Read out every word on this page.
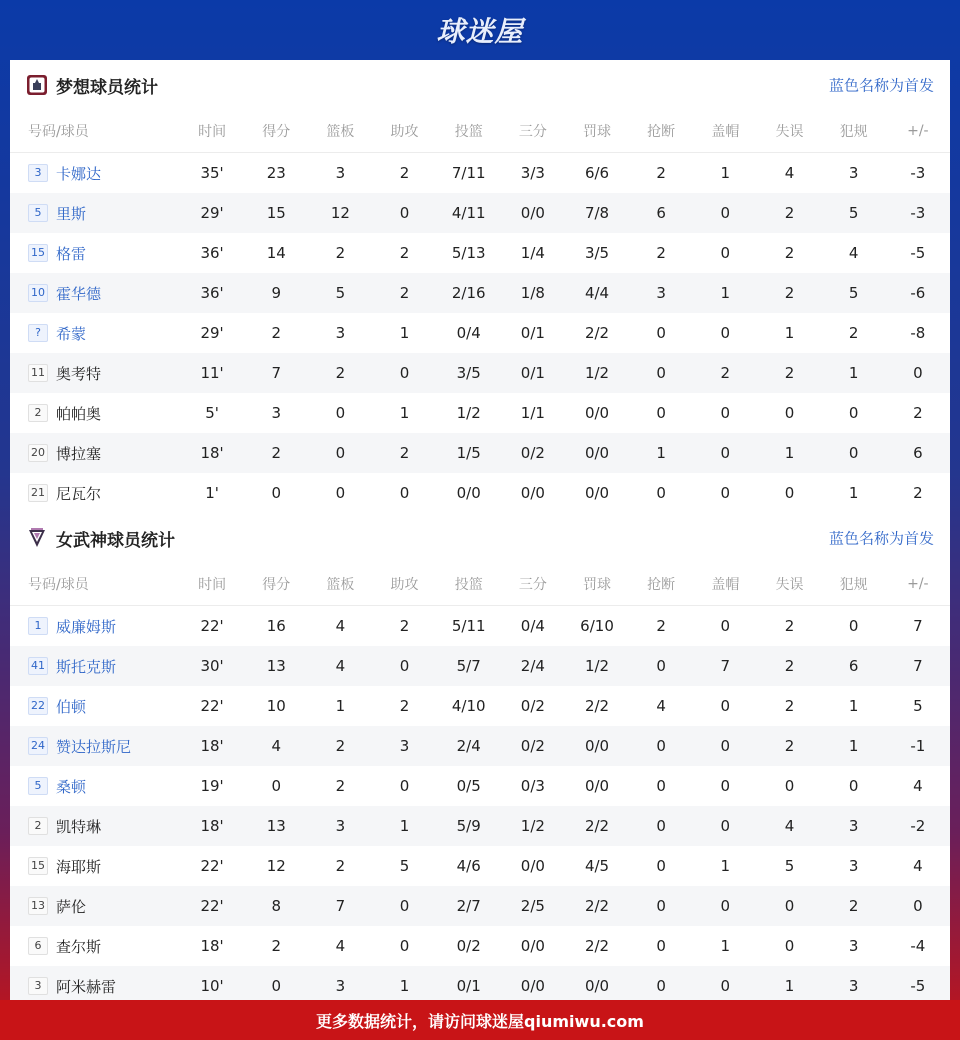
球迷屋
梦想球员统计	蓝色名称为首发
号码/球员	时间	得分	篮板	助攻	投篮	三分	罚球	抢断	盖帽	失误	犯规	+/-
3 卡娜达	35'	23	3	2	7/11	3/3	6/6	2	1	4	3	-3
5 里斯	29'	15	12	0	4/11	0/0	7/8	6	0	2	5	-3
15 格雷	36'	14	2	2	5/13	1/4	3/5	2	0	2	4	-5
10 霍华德	36'	9	5	2	2/16	1/8	4/4	3	1	2	5	-6
? 希蒙	29'	2	3	1	0/4	0/1	2/2	0	0	1	2	-8
11 奥考特	11'	7	2	0	3/5	0/1	1/2	0	2	2	1	0
2 帕帕奥	5'	3	0	1	1/2	1/1	0/0	0	0	0	0	2
20 博拉塞	18'	2	0	2	1/5	0/2	0/0	1	0	1	0	6
21 尼瓦尔	1'	0	0	0	0/0	0/0	0/0	0	0	0	1	2
女武神球员统计	蓝色名称为首发
号码/球员	时间	得分	篮板	助攻	投篮	三分	罚球	抢断	盖帽	失误	犯规	+/-
1 威廉姆斯	22'	16	4	2	5/11	0/4	6/10	2	0	2	0	7
41 斯托克斯	30'	13	4	0	5/7	2/4	1/2	0	7	2	6	7
22 伯顿	22'	10	1	2	4/10	0/2	2/2	4	0	2	1	5
24 赞达拉斯尼	18'	4	2	3	2/4	0/2	0/0	0	0	2	1	-1
5 桑顿	19'	0	2	0	0/5	0/3	0/0	0	0	0	0	4
2 凯特琳	18'	13	3	1	5/9	1/2	2/2	0	0	4	3	-2
15 海耶斯	22'	12	2	5	4/6	0/0	4/5	0	1	5	3	4
13 萨伦	22'	8	7	0	2/7	2/5	2/2	0	0	0	2	0
6 查尔斯	18'	2	4	0	0/2	0/0	2/2	0	1	0	3	-4
3 阿米赫雷	10'	0	3	1	0/1	0/0	0/0	0	0	1	3	-5
更多数据统计，请访问球迷屋qiumiwu.com
